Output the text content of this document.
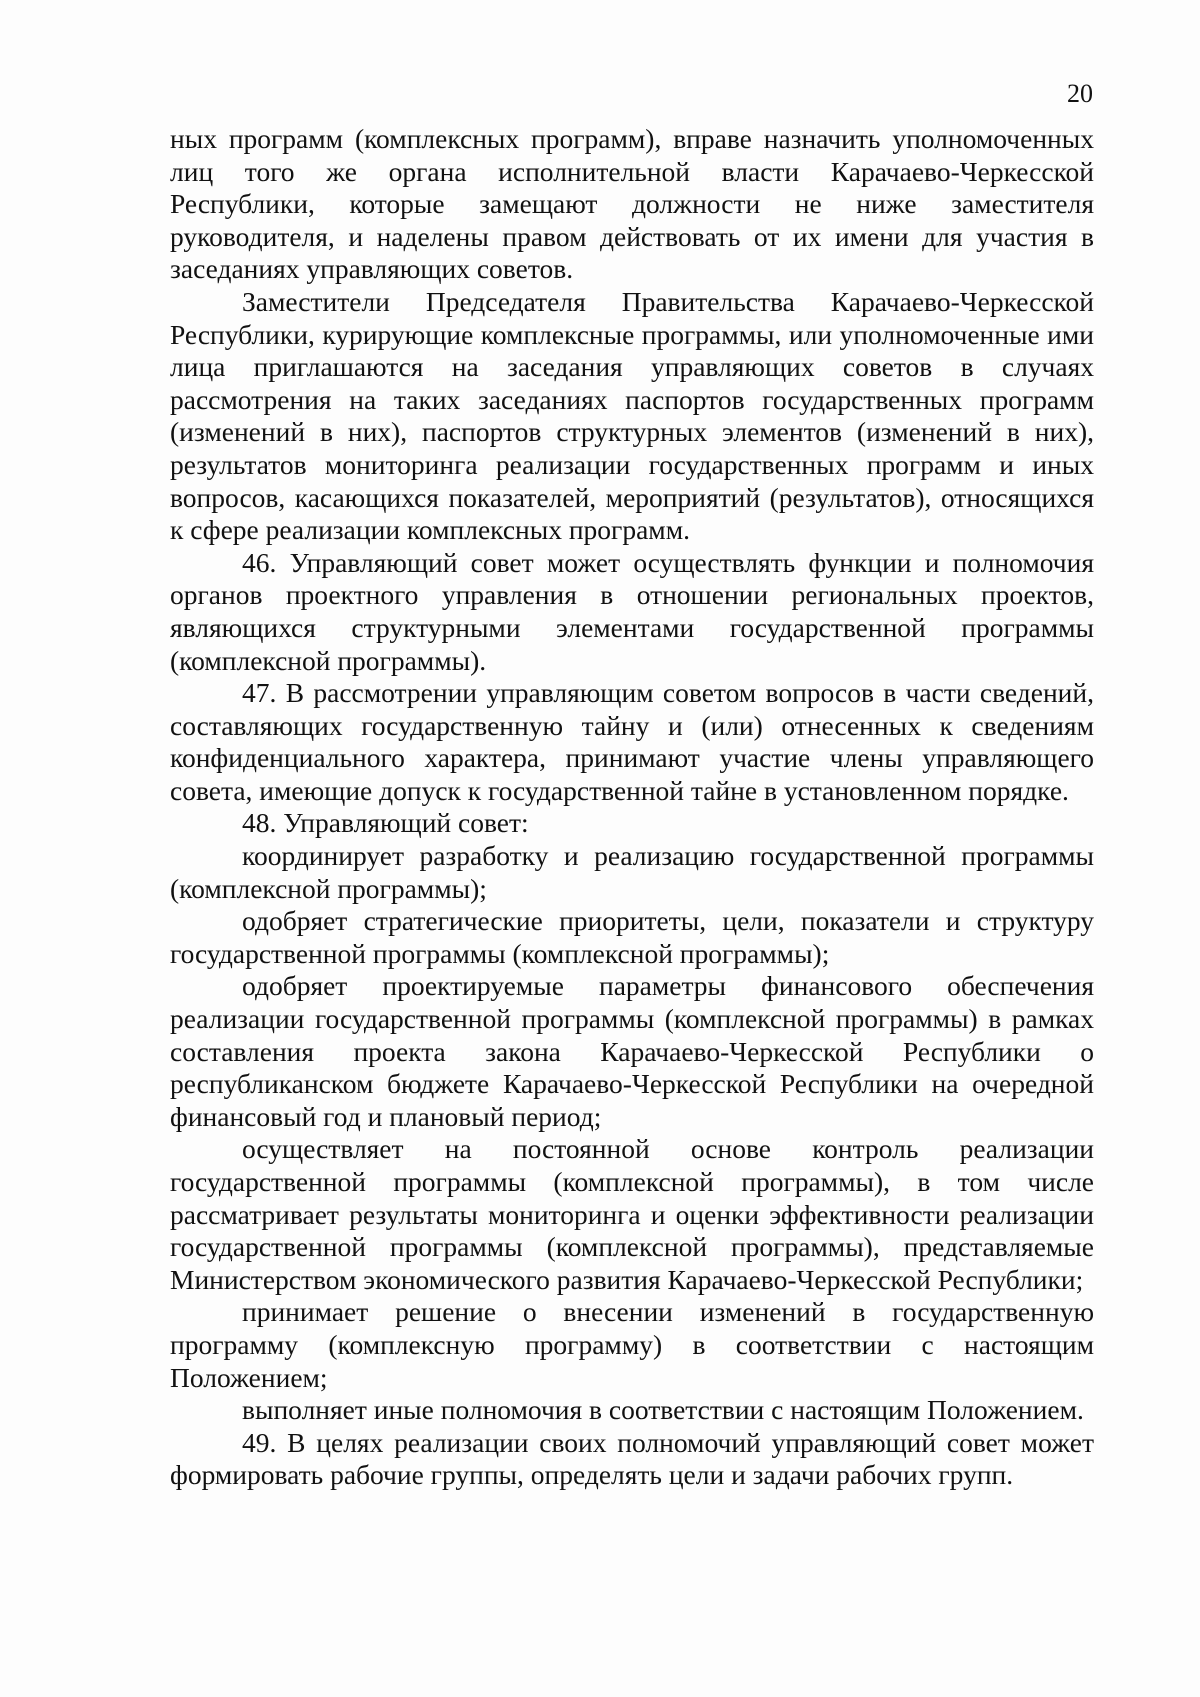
20

ных программ (комплексных программ), вправе назначить уполномоченных лиц того же органа исполнительной власти Карачаево-Черкесской Республики, которые замещают должности не ниже заместителя руководителя, и наделены правом действовать от их имени для участия в заседаниях управляющих советов.

Заместители Председателя Правительства Карачаево-Черкесской Республики, курирующие комплексные программы, или уполномоченные ими лица приглашаются на заседания управляющих советов в случаях рассмотрения на таких заседаниях паспортов государственных программ (изменений в них), паспортов структурных элементов (изменений в них), результатов мониторинга реализации государственных программ и иных вопросов, касающихся показателей, мероприятий (результатов), относящихся к сфере реализации комплексных программ.

46. Управляющий совет может осуществлять функции и полномочия органов проектного управления в отношении региональных проектов, являющихся структурными элементами государственной программы (комплексной программы).

47. В рассмотрении управляющим советом вопросов в части сведений, составляющих государственную тайну и (или) отнесенных к сведениям конфиденциального характера, принимают участие члены управляющего совета, имеющие допуск к государственной тайне в установленном порядке.

48. Управляющий совет:

координирует разработку и реализацию государственной программы (комплексной программы);

одобряет стратегические приоритеты, цели, показатели и структуру государственной программы (комплексной программы);

одобряет проектируемые параметры финансового обеспечения реализации государственной программы (комплексной программы) в рамках составления проекта закона Карачаево-Черкесской Республики о республиканском бюджете Карачаево-Черкесской Республики на очередной финансовый год и плановый период;

осуществляет на постоянной основе контроль реализации государственной программы (комплексной программы), в том числе рассматривает результаты мониторинга и оценки эффективности реализации государственной программы (комплексной программы), представляемые Министерством экономического развития Карачаево-Черкесской Республики;

принимает решение о внесении изменений в государственную программу (комплексную программу) в соответствии с настоящим Положением;

выполняет иные полномочия в соответствии с настоящим Положением.

49. В целях реализации своих полномочий управляющий совет может формировать рабочие группы, определять цели и задачи рабочих групп.
